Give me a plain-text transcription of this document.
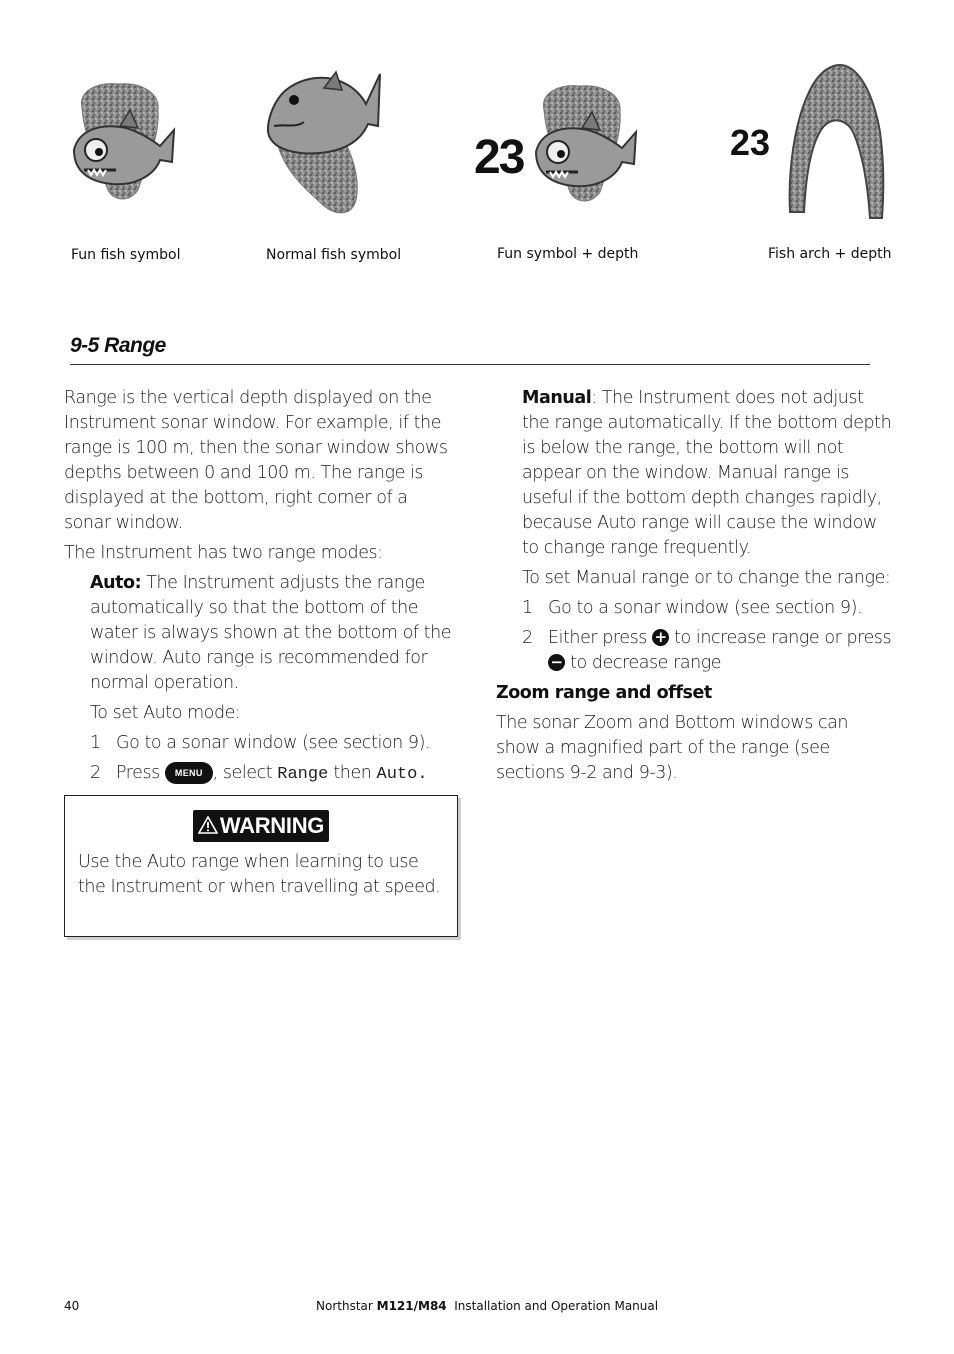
Fun fish symbol	Normal fish symbol
23
Fun symbol + depth
23
Fish arch + depth
9-5 Range

Range is the vertical depth displayed on the Instrument sonar window. For example, if the range is 100 m, then the sonar window shows depths between 0 and 100 m. The range is displayed at the bottom, right corner of a sonar window.

The Instrument has two range modes:

Auto: The Instrument adjusts the range automatically so that the bottom of the water is always shown at the bottom of the window. Auto range is recommended for normal operation.

To set Auto mode:

1 Go to a sonar window (see section 9).
2 Press MENU , select Range then Auto.
WARNING

Use the Auto range when learning to use the Instrument or when travelling at speed.

Manual: The Instrument does not adjust the range automatically. If the bottom depth is below the range, the bottom will not appear on the window. Manual range is useful if the bottom depth changes rapidly, because Auto range will cause the window to change range frequently.

To set Manual range or to change the range:

1 Go to a sonar window (see section 9).
2 Either press + to increase range or press
− to decrease range

Zoom range and offset

The sonar Zoom and Bottom windows can show a magnified part of the range (see sections 9-2 and 9-3).

40	Northstar M121/M84  Installation and Operation Manual
